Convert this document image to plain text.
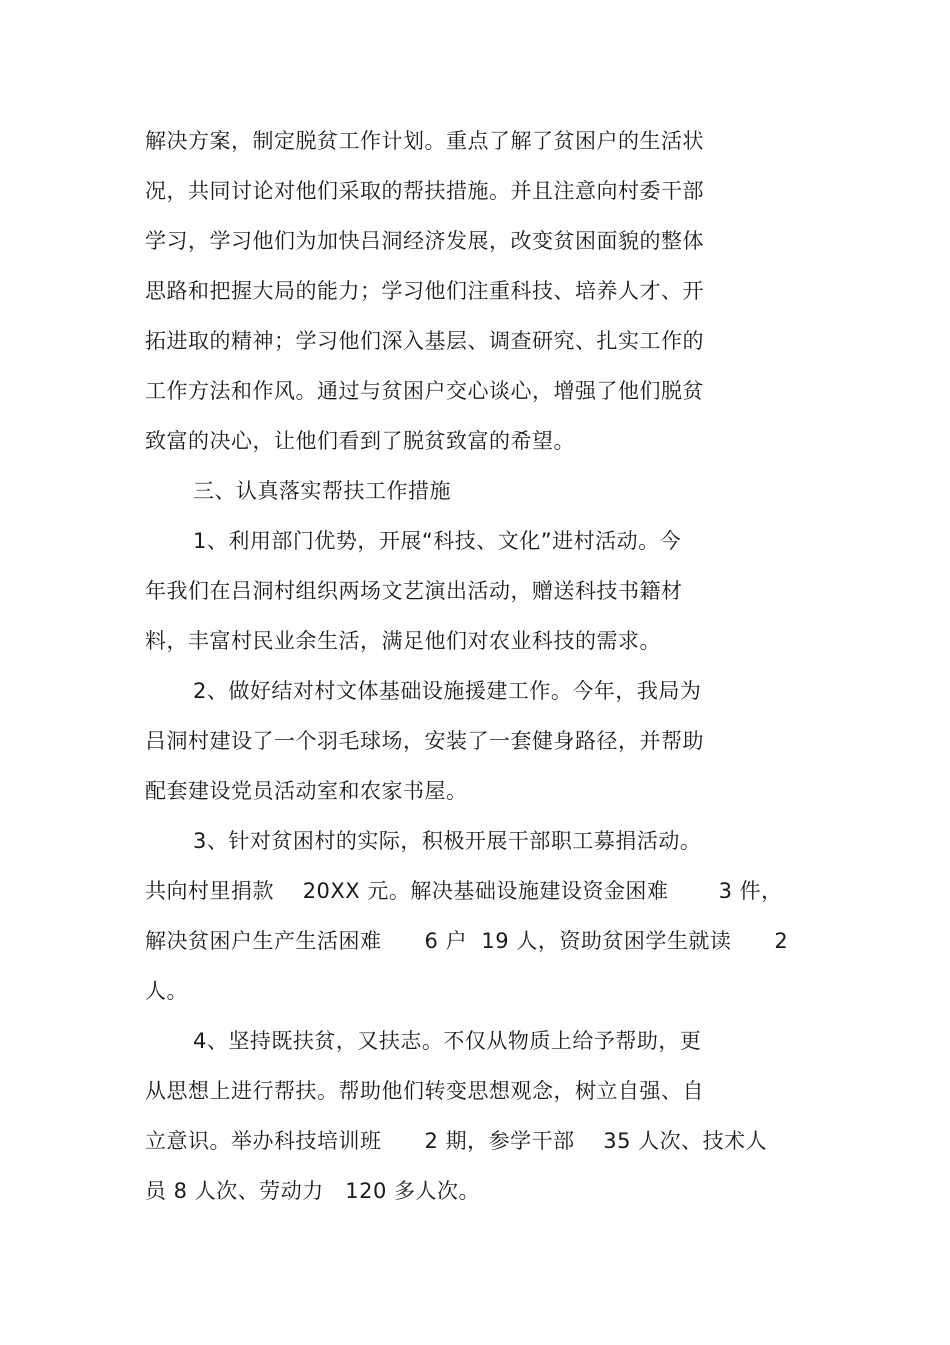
解决方案，制定脱贫工作计划。重点了解了贫困户的生活状
况，共同讨论对他们采取的帮扶措施。并且注意向村委干部
学习，学习他们为加快吕洞经济发展，改变贫困面貌的整体
思路和把握大局的能力；学习他们注重科技、培养人才、开
拓进取的精神；学习他们深入基层、调查研究、扎实工作的
工作方法和作风。通过与贫困户交心谈心，增强了他们脱贫
致富的决心，让他们看到了脱贫致富的希望。
三、认真落实帮扶工作措施
1、利用部门优势，开展“科技、文化”进村活动。今
年我们在吕洞村组织两场文艺演出活动，赠送科技书籍材
料，丰富村民业余生活，满足他们对农业科技的需求。
2、做好结对村文体基础设施援建工作。今年，我局为
吕洞村建设了一个羽毛球场，安装了一套健身路径，并帮助
配套建设党员活动室和农家书屋。
3、针对贫困村的实际，积极开展干部职工募捐活动。
共向村里捐款    20XX 元。解决基础设施建设资金困难       3 件，
解决贫困户生产生活困难      6 户  19 人，资助贫困学生就读      2
人。
4、坚持既扶贫，又扶志。不仅从物质上给予帮助，更
从思想上进行帮扶。帮助他们转变思想观念，树立自强、自
立意识。举办科技培训班      2 期，参学干部    35 人次、技术人
员 8 人次、劳动力   120 多人次。
